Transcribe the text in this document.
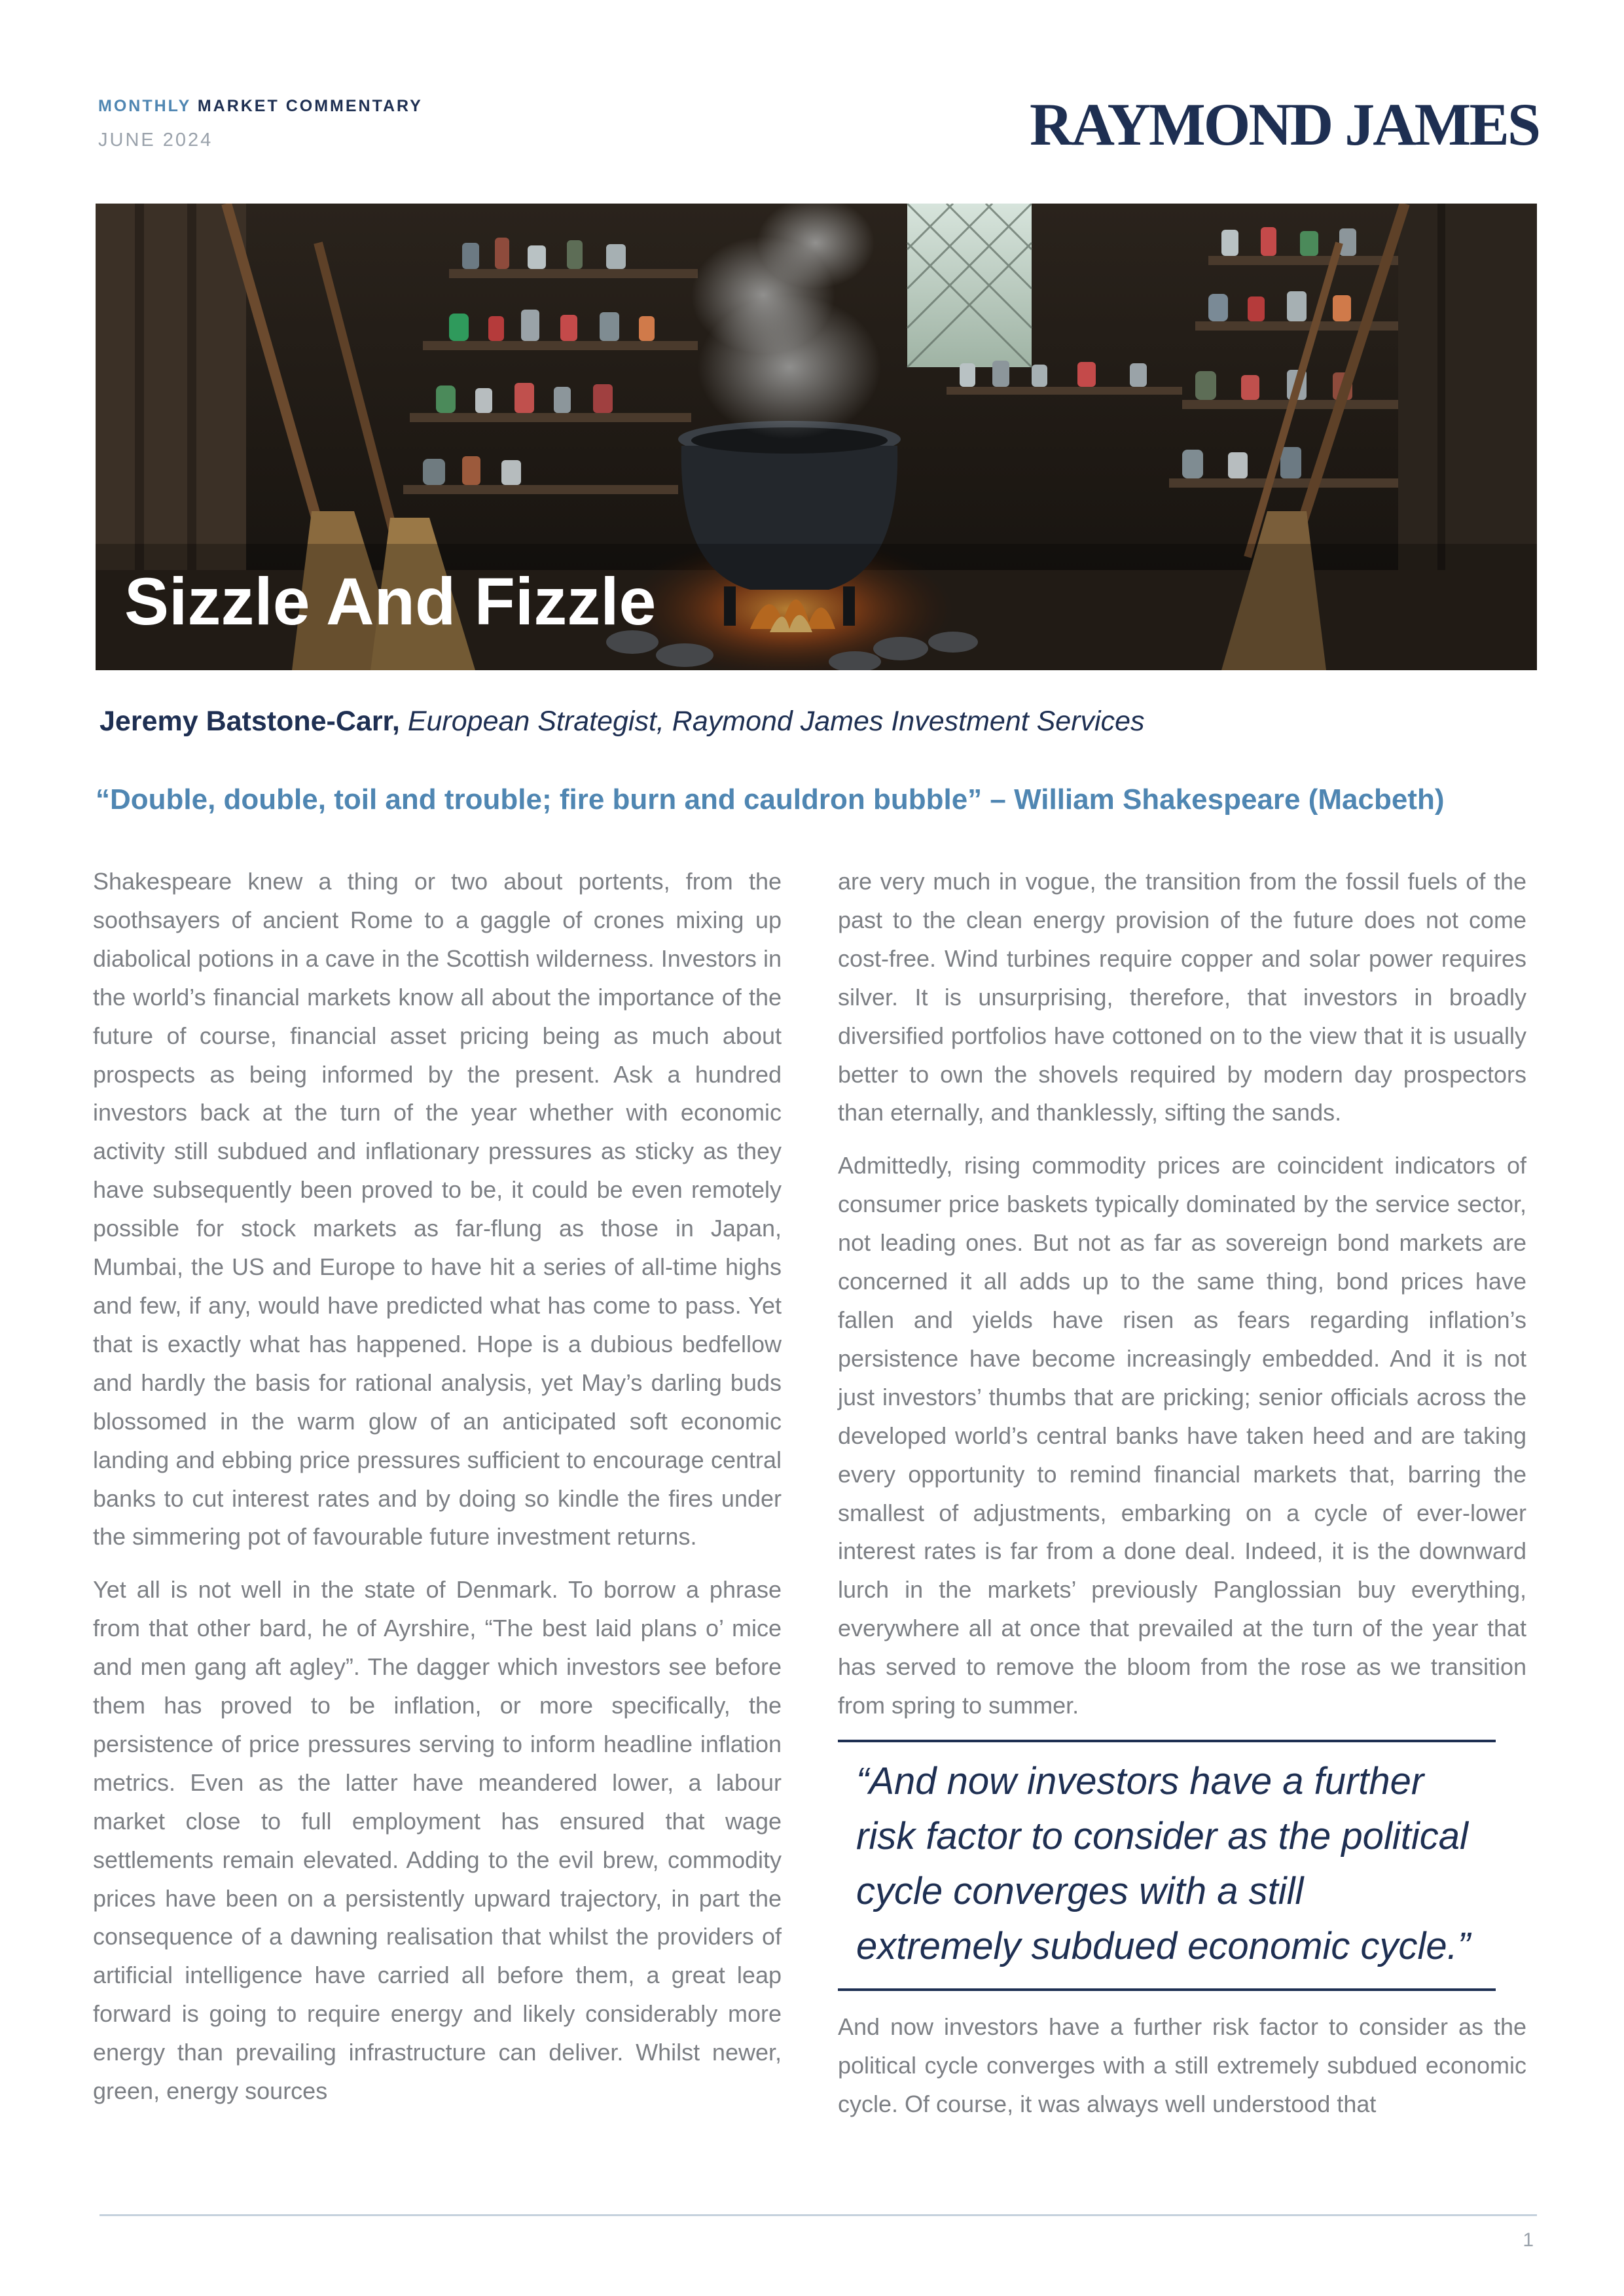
MONTHLY MARKET COMMENTARY
JUNE 2024	RAYMOND JAMES
Sizzle And Fizzle
Jeremy Batstone-Carr, European Strategist, Raymond James Investment Services
“Double, double, toil and trouble; fire burn and cauldron bubble” – William Shakespeare (Macbeth)

Shakespeare knew a thing or two about portents, from the soothsayers of ancient Rome to a gaggle of crones mixing up diabolical potions in a cave in the Scottish wilderness. Investors in the world’s financial markets know all about the importance of the future of course, financial asset pricing being as much about prospects as being informed by the present. Ask a hundred investors back at the turn of the year whether with economic activity still subdued and inflationary pressures as sticky as they have subsequently been proved to be, it could be even remotely possible for stock markets as far-flung as those in Japan, Mumbai, the US and Europe to have hit a series of all-time highs and few, if any, would have predicted what has come to pass. Yet that is exactly what has happened. Hope is a dubious bedfellow and hardly the basis for rational analysis, yet May’s darling buds blossomed in the warm glow of an anticipated soft economic landing and ebbing price pressures sufficient to encourage central banks to cut interest rates and by doing so kindle the fires under the simmering pot of favourable future investment returns.

Yet all is not well in the state of Denmark. To borrow a phrase from that other bard, he of Ayrshire, “The best laid plans o’ mice and men gang aft agley”. The dagger which investors see before them has proved to be inflation, or more specifically, the persistence of price pressures serving to inform headline inflation metrics. Even as the latter have meandered lower, a labour market close to full employment has ensured that wage settlements remain elevated. Adding to the evil brew, commodity prices have been on a persistently upward trajectory, in part the consequence of a dawning realisation that whilst the providers of artificial intelligence have carried all before them, a great leap forward is going to require energy and likely considerably more energy than prevailing infrastructure can deliver. Whilst newer, green, energy sources

are very much in vogue, the transition from the fossil fuels of the past to the clean energy provision of the future does not come cost-free. Wind turbines require copper and solar power requires silver. It is unsurprising, therefore, that investors in broadly diversified portfolios have cottoned on to the view that it is usually better to own the shovels required by modern day prospectors than eternally, and thanklessly, sifting the sands.

Admittedly, rising commodity prices are coincident indicators of consumer price baskets typically dominated by the service sector, not leading ones. But not as far as sovereign bond markets are concerned it all adds up to the same thing, bond prices have fallen and yields have risen as fears regarding inflation’s persistence have become increasingly embedded. And it is not just investors’ thumbs that are pricking; senior officials across the developed world’s central banks have taken heed and are taking every opportunity to remind financial markets that, barring the smallest of adjustments, embarking on a cycle of ever-lower interest rates is far from a done deal. Indeed, it is the downward lurch in the markets’ previously Panglossian buy everything, everywhere all at once that prevailed at the turn of the year that has served to remove the bloom from the rose as we transition from spring to summer.

“And now investors have a further risk factor to consider as the political cycle converges with a still extremely subdued economic cycle.”

And now investors have a further risk factor to consider as the political cycle converges with a still extremely subdued economic cycle. Of course, it was always well understood that

1
